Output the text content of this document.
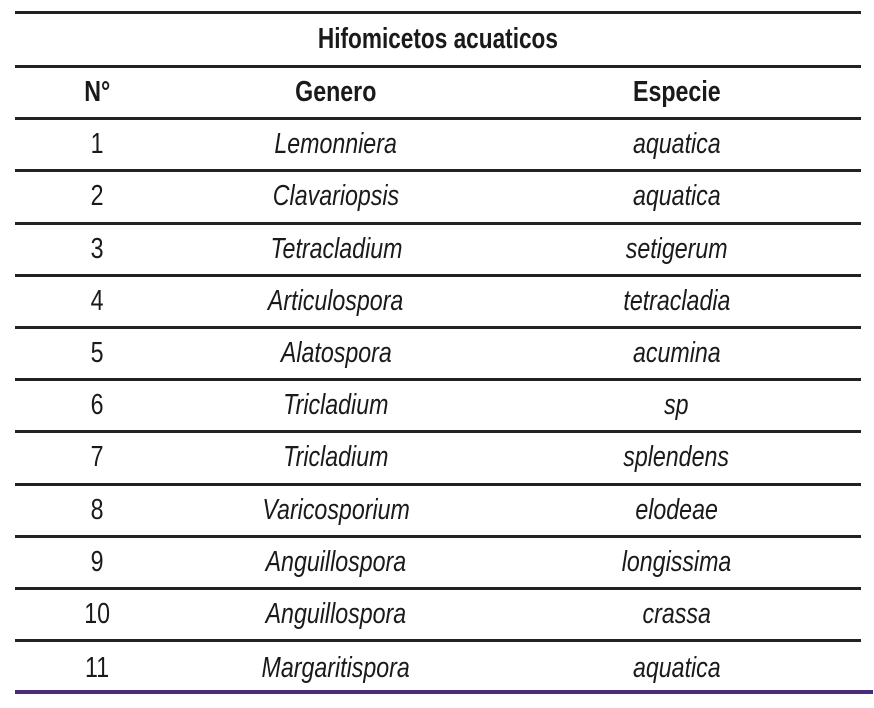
Hifomicetos acuaticos
N°	Genero	Especie
1	Lemonniera	aquatica
2	Clavariopsis	aquatica
3	Tetracladium	setigerum
4	Articulospora	tetracladia
5	Alatospora	acumina
6	Tricladium	sp
7	Tricladium	splendens
8	Varicosporium	elodeae
9	Anguillospora	longissima
10	Anguillospora	crassa
11	Margaritispora	aquatica
